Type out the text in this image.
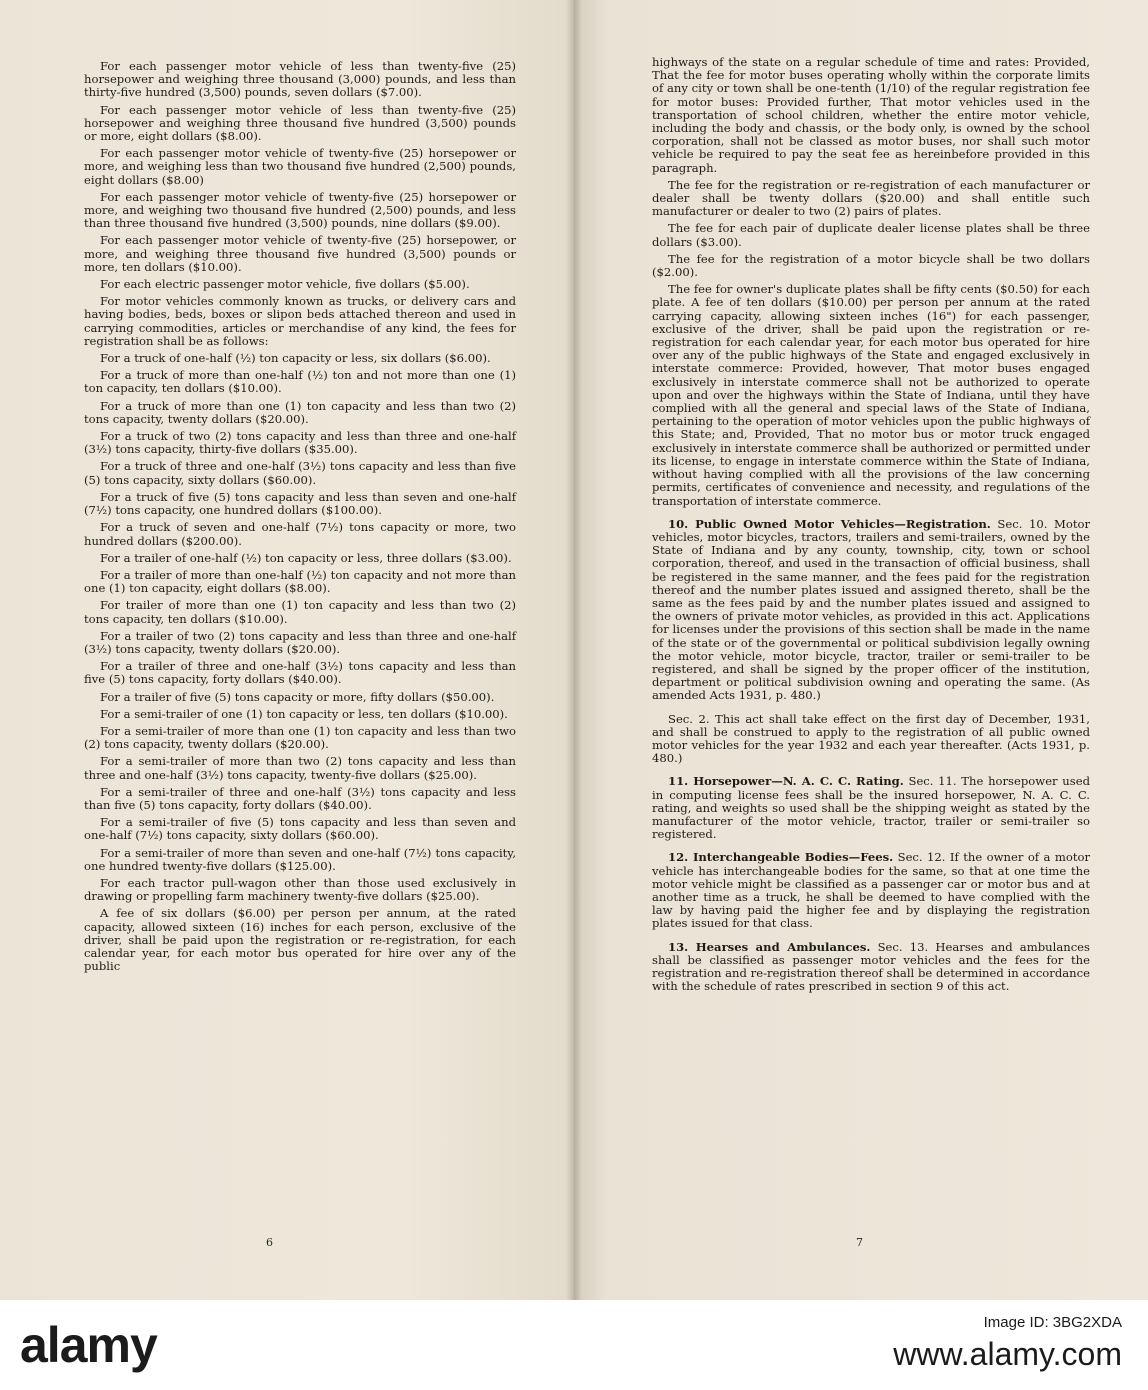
For each passenger motor vehicle of less than twenty-five (25) horsepower and weighing three thousand (3,000) pounds, and less than thirty-five hundred (3,500) pounds, seven dollars ($7.00).

For each passenger motor vehicle of less than twenty-five (25) horsepower and weighing three thousand five hundred (3,500) pounds or more, eight dollars ($8.00).

For each passenger motor vehicle of twenty-five (25) horsepower or more, and weighing less than two thousand five hundred (2,500) pounds, eight dollars ($8.00)

For each passenger motor vehicle of twenty-five (25) horsepower or more, and weighing two thousand five hundred (2,500) pounds, and less than three thousand five hundred (3,500) pounds, nine dollars ($9.00).

For each passenger motor vehicle of twenty-five (25) horsepower, or more, and weighing three thousand five hundred (3,500) pounds or more, ten dollars ($10.00).

For each electric passenger motor vehicle, five dollars ($5.00).

For motor vehicles commonly known as trucks, or delivery cars and having bodies, beds, boxes or slipon beds attached thereon and used in carrying commodities, articles or merchandise of any kind, the fees for registration shall be as follows:

For a truck of one-half (½) ton capacity or less, six dollars ($6.00).

For a truck of more than one-half (½) ton and not more than one (1) ton capacity, ten dollars ($10.00).

For a truck of more than one (1) ton capacity and less than two (2) tons capacity, twenty dollars ($20.00).

For a truck of two (2) tons capacity and less than three and one-half (3½) tons capacity, thirty-five dollars ($35.00).

For a truck of three and one-half (3½) tons capacity and less than five (5) tons capacity, sixty dollars ($60.00).

For a truck of five (5) tons capacity and less than seven and one-half (7½) tons capacity, one hundred dollars ($100.00).

For a truck of seven and one-half (7½) tons capacity or more, two hundred dollars ($200.00).

For a trailer of one-half (½) ton capacity or less, three dollars ($3.00).

For a trailer of more than one-half (½) ton capacity and not more than one (1) ton capacity, eight dollars ($8.00).

For trailer of more than one (1) ton capacity and less than two (2) tons capacity, ten dollars ($10.00).

For a trailer of two (2) tons capacity and less than three and one-half (3½) tons capacity, twenty dollars ($20.00).

For a trailer of three and one-half (3½) tons capacity and less than five (5) tons capacity, forty dollars ($40.00).

For a trailer of five (5) tons capacity or more, fifty dollars ($50.00).

For a semi-trailer of one (1) ton capacity or less, ten dollars ($10.00).

For a semi-trailer of more than one (1) ton capacity and less than two (2) tons capacity, twenty dollars ($20.00).

For a semi-trailer of more than two (2) tons capacity and less than three and one-half (3½) tons capacity, twenty-five dollars ($25.00).

For a semi-trailer of three and one-half (3½) tons capacity and less than five (5) tons capacity, forty dollars ($40.00).

For a semi-trailer of five (5) tons capacity and less than seven and one-half (7½) tons capacity, sixty dollars ($60.00).

For a semi-trailer of more than seven and one-half (7½) tons capacity, one hundred twenty-five dollars ($125.00).

For each tractor pull-wagon other than those used exclusively in drawing or propelling farm machinery twenty-five dollars ($25.00).

A fee of six dollars ($6.00) per person per annum, at the rated capacity, allowed sixteen (16) inches for each person, exclusive of the driver, shall be paid upon the registration or re-registration, for each calendar year, for each motor bus operated for hire over any of the public

6

highways of the state on a regular schedule of time and rates: Provided, That the fee for motor buses operating wholly within the corporate limits of any city or town shall be one-tenth (1/10) of the regular registration fee for motor buses: Provided further, That motor vehicles used in the transportation of school children, whether the entire motor vehicle, including the body and chassis, or the body only, is owned by the school corporation, shall not be classed as motor buses, nor shall such motor vehicle be required to pay the seat fee as hereinbefore provided in this paragraph.

The fee for the registration or re-registration of each manufacturer or dealer shall be twenty dollars ($20.00) and shall entitle such manufacturer or dealer to two (2) pairs of plates.

The fee for each pair of duplicate dealer license plates shall be three dollars ($3.00).

The fee for the registration of a motor bicycle shall be two dollars ($2.00).

The fee for owner's duplicate plates shall be fifty cents ($0.50) for each plate. A fee of ten dollars ($10.00) per person per annum at the rated carrying capacity, allowing sixteen inches (16") for each passenger, exclusive of the driver, shall be paid upon the registration or re-registration for each calendar year, for each motor bus operated for hire over any of the public highways of the State and engaged exclusively in interstate commerce: Provided, however, That motor buses engaged exclusively in interstate commerce shall not be authorized to operate upon and over the highways within the State of Indiana, until they have complied with all the general and special laws of the State of Indiana, pertaining to the operation of motor vehicles upon the public highways of this State; and, Provided, That no motor bus or motor truck engaged exclusively in interstate commerce shall be authorized or permitted under its license, to engage in interstate commerce within the State of Indiana, without having complied with all the provisions of the law concerning permits, certificates of convenience and necessity, and regulations of the transportation of interstate commerce.

10. Public Owned Motor Vehicles—Registration. Sec. 10. Motor vehicles, motor bicycles, tractors, trailers and semi-trailers, owned by the State of Indiana and by any county, township, city, town or school corporation, thereof, and used in the transaction of official business, shall be registered in the same manner, and the fees paid for the registration thereof and the number plates issued and assigned thereto, shall be the same as the fees paid by and the number plates issued and assigned to the owners of private motor vehicles, as provided in this act. Applications for licenses under the provisions of this section shall be made in the name of the state or of the governmental or political subdivision legally owning the motor vehicle, motor bicycle, tractor, trailer or semi-trailer to be registered, and shall be signed by the proper officer of the institution, department or political subdivision owning and operating the same. (As amended Acts 1931, p. 480.)

Sec. 2. This act shall take effect on the first day of December, 1931, and shall be construed to apply to the registration of all public owned motor vehicles for the year 1932 and each year thereafter. (Acts 1931, p. 480.)

11. Horsepower—N. A. C. C. Rating. Sec. 11. The horsepower used in computing license fees shall be the insured horsepower, N. A. C. C. rating, and weights so used shall be the shipping weight as stated by the manufacturer of the motor vehicle, tractor, trailer or semi-trailer so registered.

12. Interchangeable Bodies—Fees. Sec. 12. If the owner of a motor vehicle has interchangeable bodies for the same, so that at one time the motor vehicle might be classified as a passenger car or motor bus and at another time as a truck, he shall be deemed to have complied with the law by having paid the higher fee and by displaying the registration plates issued for that class.

13. Hearses and Ambulances. Sec. 13. Hearses and ambulances shall be classified as passenger motor vehicles and the fees for the registration and re-registration thereof shall be determined in accordance with the schedule of rates prescribed in section 9 of this act.

7
alamy	Image ID: 3BG2XDA
www.alamy.com
